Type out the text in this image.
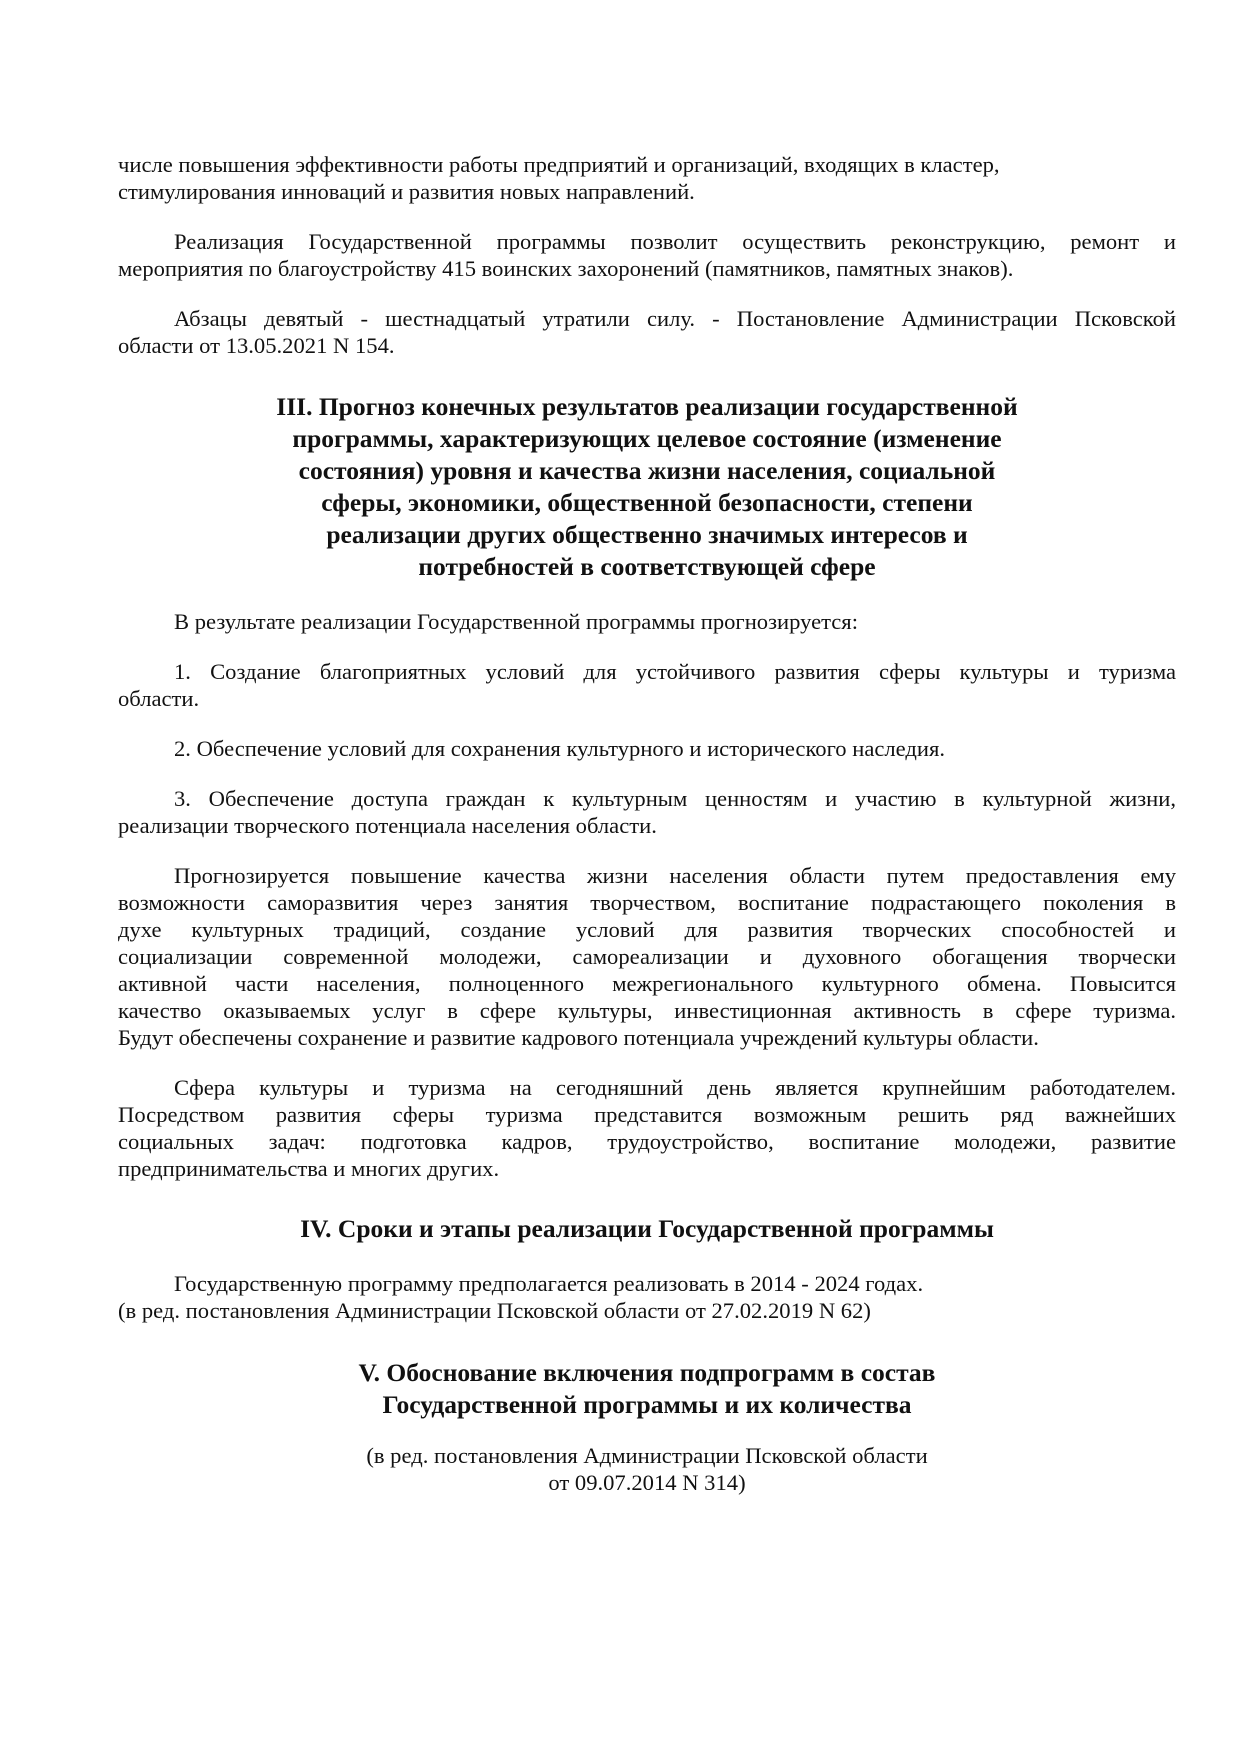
числе повышения эффективности работы предприятий и организаций, входящих в кластер,
стимулирования инноваций и развития новых направлений.

Реализация Государственной программы позволит осуществить реконструкцию, ремонт и
мероприятия по благоустройству 415 воинских захоронений (памятников, памятных знаков).

Абзацы девятый - шестнадцатый утратили силу. - Постановление Администрации Псковской
области от 13.05.2021 N 154.

III. Прогноз конечных результатов реализации государственной
программы, характеризующих целевое состояние (изменение
состояния) уровня и качества жизни населения, социальной
сферы, экономики, общественной безопасности, степени
реализации других общественно значимых интересов и
потребностей в соответствующей сфере

В результате реализации Государственной программы прогнозируется:

1. Создание благоприятных условий для устойчивого развития сферы культуры и туризма
области.

2. Обеспечение условий для сохранения культурного и исторического наследия.

3. Обеспечение доступа граждан к культурным ценностям и участию в культурной жизни,
реализации творческого потенциала населения области.

Прогнозируется повышение качества жизни населения области путем предоставления ему
возможности саморазвития через занятия творчеством, воспитание подрастающего поколения в
духе культурных традиций, создание условий для развития творческих способностей и
социализации современной молодежи, самореализации и духовного обогащения творчески
активной части населения, полноценного межрегионального культурного обмена. Повысится
качество оказываемых услуг в сфере культуры, инвестиционная активность в сфере туризма.
Будут обеспечены сохранение и развитие кадрового потенциала учреждений культуры области.

Сфера культуры и туризма на сегодняшний день является крупнейшим работодателем.
Посредством развития сферы туризма представится возможным решить ряд важнейших
социальных задач: подготовка кадров, трудоустройство, воспитание молодежи, развитие
предпринимательства и многих других.

IV. Сроки и этапы реализации Государственной программы

Государственную программу предполагается реализовать в 2014 - 2024 годах.

(в ред. постановления Администрации Псковской области от 27.02.2019 N 62)

V. Обоснование включения подпрограмм в состав
Государственной программы и их количества

(в ред. постановления Администрации Псковской области
от 09.07.2014 N 314)
